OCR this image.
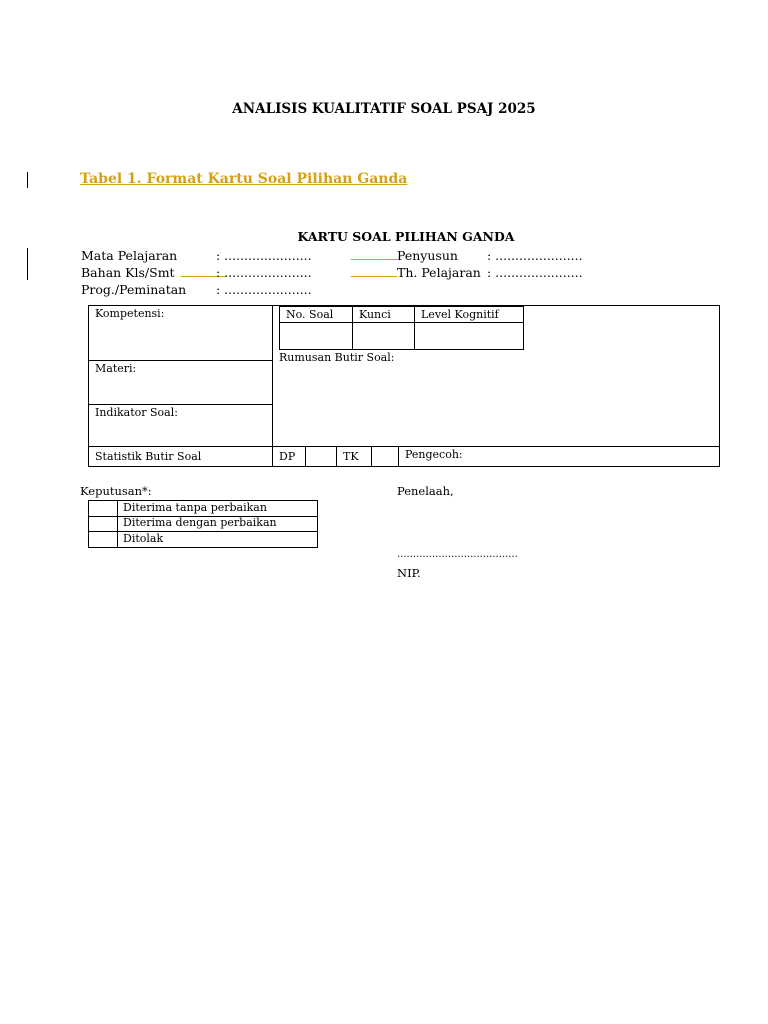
ANALISIS KUALITATIF SOAL PSAJ 2025
Tabel 1. Format Kartu Soal Pilihan Ganda
KARTU SOAL PILIHAN GANDA
Mata Pelajaran	: ......................
Bahan Kls/Smt	: ......................
Prog./Peminatan : ......................
Penyusun : ......................
Th. Pelajaran : ......................
Kompetensi:
Materi:
Indikator Soal:
No. Soal Kunci	Level Kognitif
Rumusan Butir Soal:
Statistik Butir Soal	DP	TK	Pengecoh:
Keputusan*:
Diterima tanpa perbaikan
Diterima dengan perbaikan
Ditolak
Penelaah,
......................................
NIP.
